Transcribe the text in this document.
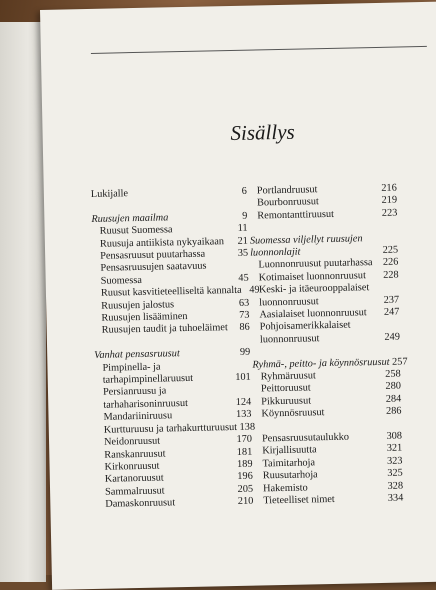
Sisällys
Lukijalle	6
Ruusujen maailma	9
Ruusut Suomessa	11
Ruusuja antiikista nykyaikaan	21
Pensasruusut puutarhassa	35
Pensasruusujen saatavuus
Suomessa	45
Ruusut kasvitieteelliseltä kannalta 49
Ruusujen jalostus	63
Ruusujen lisääminen	73
Ruusujen taudit ja tuhoeläimet	86
Vanhat pensasruusut	99
Pimpinella- ja
tarhapimpinellaruusut	101
Persianruusu ja
tarhaharisoninruusut	124
Mandariiniruusu	133
Kurtturuusu ja tarhakurtturuusut 138
Neidonruusut	170
Ranskanruusut	181
Kirkonruusut	189
Kartanoruusut	196
Sammalruusut	205
Damaskonruusut	210
Portlandruusut	216
Bourbonruusut	219
Remontanttiruusut	223
Suomessa viljellyt ruusujen
luonnonlajit	225
Luonnonruusut puutarhassa 226
Kotimaiset luonnonruusut 228
Keski- ja itäeurooppalaiset
luonnonruusut	237
Aasialaiset luonnonruusut 247
Pohjoisamerikkalaiset
luonnonruusut	249
Ryhmä-, peitto- ja köynnösruusut 257
Ryhmäruusut	258
Peittoruusut	280
Pikkuruusut	284
Köynnösruusut	286
Pensasruusutaulukko	308
Kirjallisuutta	321
Taimitarhoja	323
Ruusutarhoja	325
Hakemisto	328
Tieteelliset nimet	334
